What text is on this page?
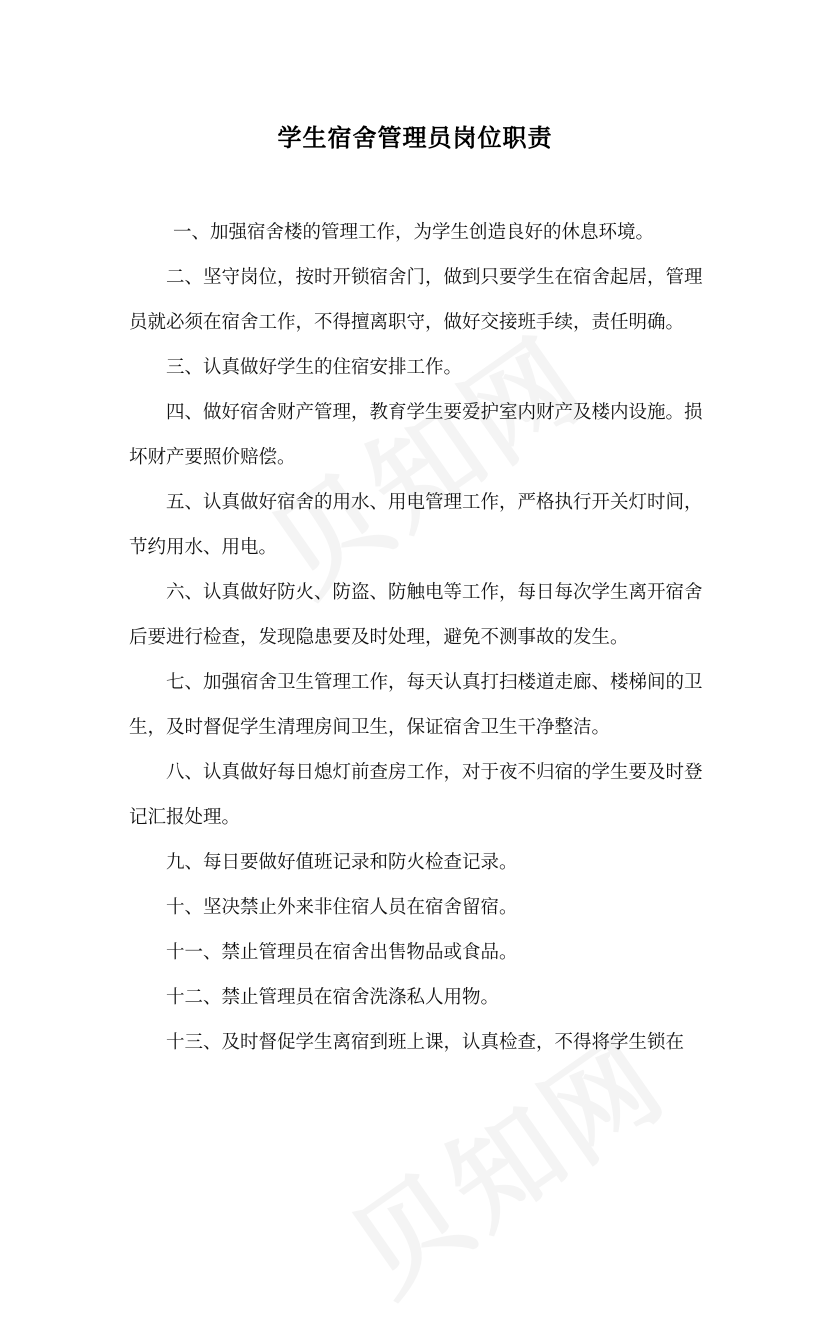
学生宿舍管理员岗位职责

一、加强宿舍楼的管理工作，为学生创造良好的休息环境。

二、坚守岗位，按时开锁宿舍门，做到只要学生在宿舍起居，管理员就必须在宿舍工作，不得擅离职守，做好交接班手续，责任明确。

三、认真做好学生的住宿安排工作。

四、做好宿舍财产管理，教育学生要爱护室内财产及楼内设施。损坏财产要照价赔偿。

五、认真做好宿舍的用水、用电管理工作，严格执行开关灯时间，节约用水、用电。

六、认真做好防火、防盗、防触电等工作，每日每次学生离开宿舍后要进行检查，发现隐患要及时处理，避免不测事故的发生。

七、加强宿舍卫生管理工作，每天认真打扫楼道走廊、楼梯间的卫生，及时督促学生清理房间卫生，保证宿舍卫生干净整洁。

八、认真做好每日熄灯前查房工作，对于夜不归宿的学生要及时登记汇报处理。

九、每日要做好值班记录和防火检查记录。

十、坚决禁止外来非住宿人员在宿舍留宿。

十一、禁止管理员在宿舍出售物品或食品。

十二、禁止管理员在宿舍洗涤私人用物。

十三、及时督促学生离宿到班上课，认真检查，不得将学生锁在
